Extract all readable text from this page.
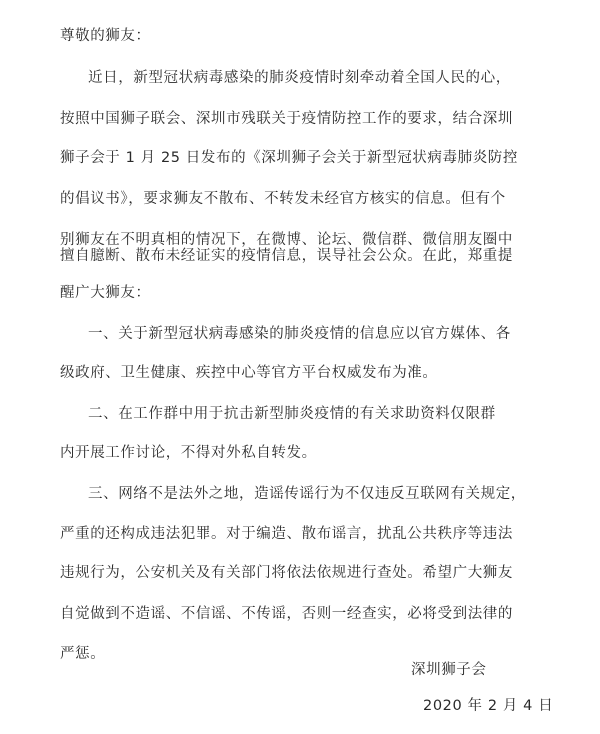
尊敬的狮友：
近日，新型冠状病毒感染的肺炎疫情时刻牵动着全国人民的心，
按照中国狮子联会、深圳市残联关于疫情防控工作的要求，结合深圳
狮子会于 1 月 25 日发布的《深圳狮子会关于新型冠状病毒肺炎防控
的倡议书》，要求狮友不散布、不转发未经官方核实的信息。但有个
别狮友在不明真相的情况下，在微博、论坛、微信群、微信朋友圈中
擅自臆断、散布未经证实的疫情信息，误导社会公众。在此，郑重提
醒广大狮友：
一、关于新型冠状病毒感染的肺炎疫情的信息应以官方媒体、各
级政府、卫生健康、疾控中心等官方平台权威发布为准。
二、在工作群中用于抗击新型肺炎疫情的有关求助资料仅限群
内开展工作讨论，不得对外私自转发。
三、网络不是法外之地，造谣传谣行为不仅违反互联网有关规定，
严重的还构成违法犯罪。对于编造、散布谣言，扰乱公共秩序等违法
违规行为，公安机关及有关部门将依法依规进行查处。希望广大狮友
自觉做到不造谣、不信谣、不传谣，否则一经查实，必将受到法律的
严惩。
深圳狮子会
2020 年 2 月 4 日
